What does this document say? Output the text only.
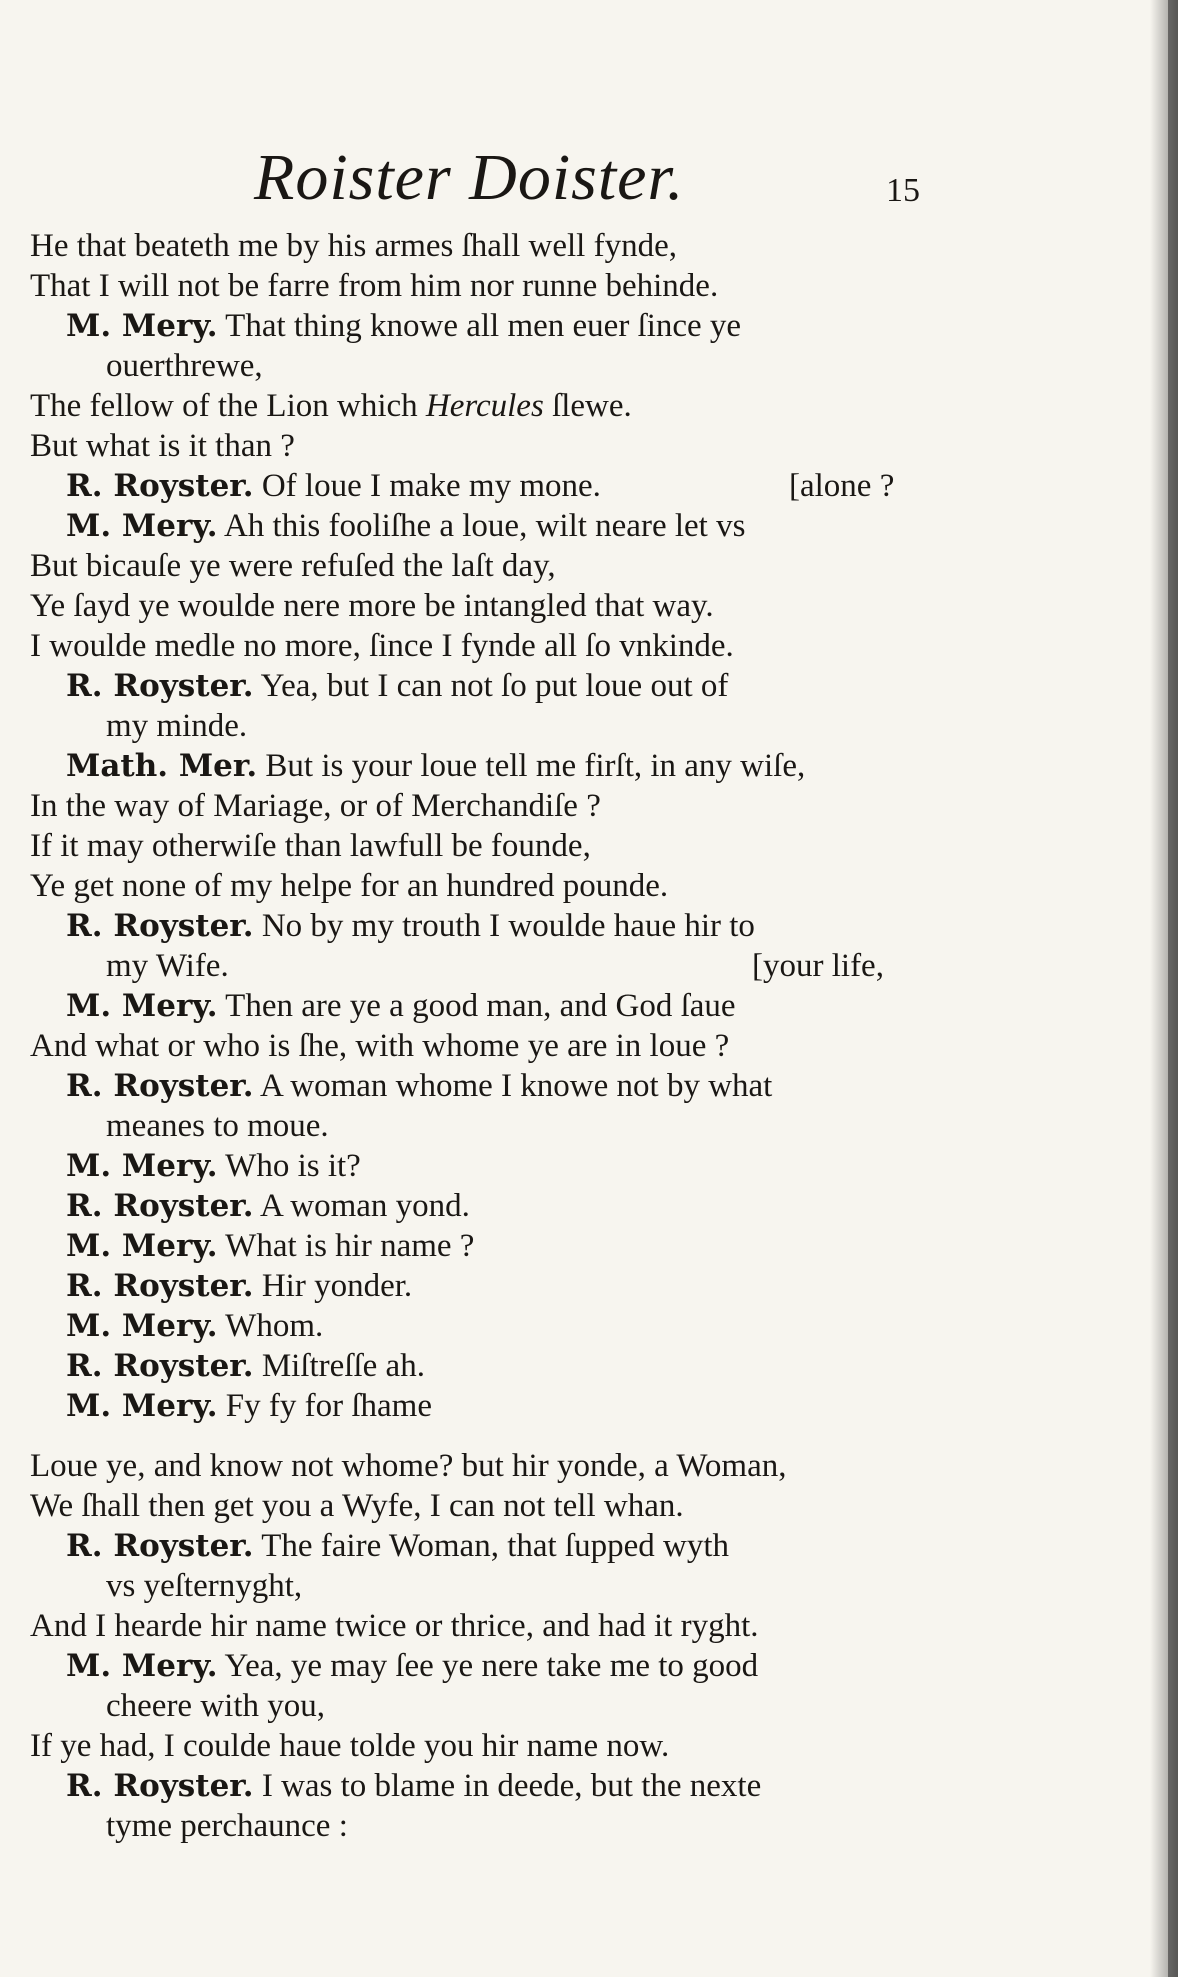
Roister Doister.	15
He that beateth me by his armes ſhall well fynde,
That I will not be farre from him nor runne behinde.
M. Mery. That thing knowe all men euer ſince ye
ouerthrewe,
The fellow of the Lion which Hercules ſlewe.
But what is it than ?
R. Royster. Of loue I make my mone.	[alone ?
M. Mery. Ah this fooliſhe a loue, wilt neare let vs
But bicauſe ye were refuſed the laſt day,
Ye ſayd ye woulde nere more be intangled that way.
I woulde medle no more, ſince I fynde all ſo vnkinde.
R. Royster. Yea, but I can not ſo put loue out of
my minde.
Math. Mer. But is your loue tell me firſt, in any wiſe,
In the way of Mariage, or of Merchandiſe ?
If it may otherwiſe than lawfull be founde,
Ye get none of my helpe for an hundred pounde.
R. Royster. No by my trouth I woulde haue hir to
my Wife.	[your life,
M. Mery. Then are ye a good man, and God ſaue
And what or who is ſhe, with whome ye are in loue ?
R. Royster. A woman whome I knowe not by what
meanes to moue.
M. Mery. Who is it?
R. Royster. A woman yond.
M. Mery. What is hir name ?
R. Royster. Hir yonder.
M. Mery. Whom.
R. Royster. Miſtreſſe ah.
M. Mery. Fy fy for ſhame
Loue ye, and know not whome? but hir yonde, a Woman,
We ſhall then get you a Wyfe, I can not tell whan.
R. Royster. The faire Woman, that ſupped wyth
vs yeſternyght,
And I hearde hir name twice or thrice, and had it ryght.
M. Mery. Yea, ye may ſee ye nere take me to good
cheere with you,
If ye had, I coulde haue tolde you hir name now.
R. Royster. I was to blame in deede, but the nexte
tyme perchaunce :
